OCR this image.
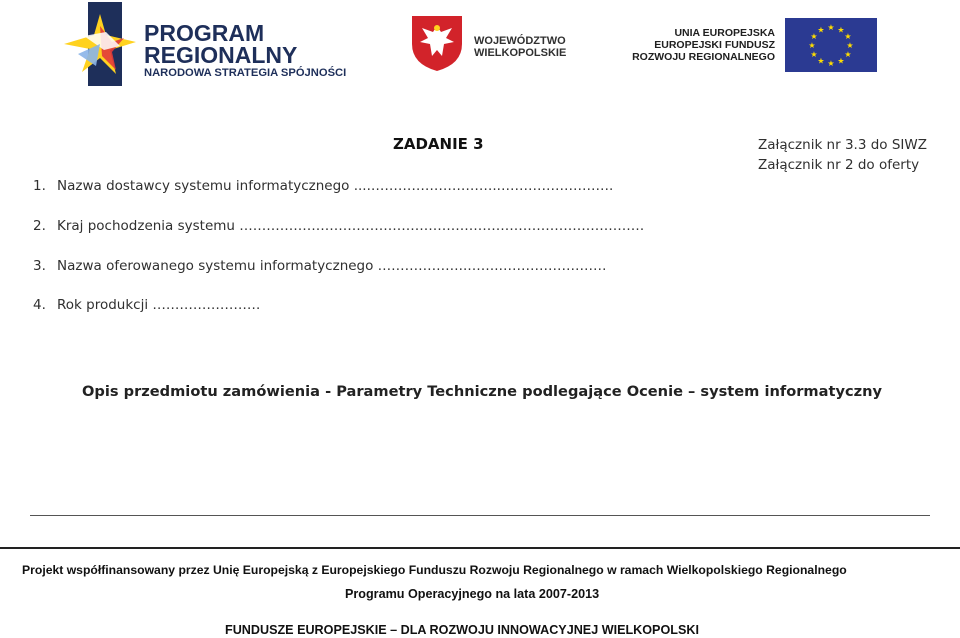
PROGRAM
REGIONALNY
NARODOWA STRATEGIA SPÓJNOŚCI
WOJEWÓDZTWO
WIELKOPOLSKIE
UNIA EUROPEJSKA
EUROPEJSKI FUNDUSZ
ROZWOJU REGIONALNEGO
★ ★
★
★
★
★
★
★
★
★
★
★
ZADANIE 3	Załącznik nr 3.3 do SIWZ
Załącznik nr 2 do oferty
1. Nazwa dostawcy systemu informatycznego ....………………………..…………………….
2. Kraj pochodzenia systemu ………………………………………………………………………………
3. Nazwa oferowanego systemu informatycznego ………………..…….……………………
4. Rok produkcji ……………………
Opis przedmiotu zamówienia - Parametry Techniczne podlegające Ocenie – system informatyczny
Projekt współfinansowany przez Unię Europejską z Europejskiego Funduszu Rozwoju Regionalnego w ramach Wielkopolskiego Regionalnego
Programu Operacyjnego na lata 2007-2013
FUNDUSZE EUROPEJSKIE – DLA ROZWOJU INNOWACYJNEJ WIELKOPOLSKI
